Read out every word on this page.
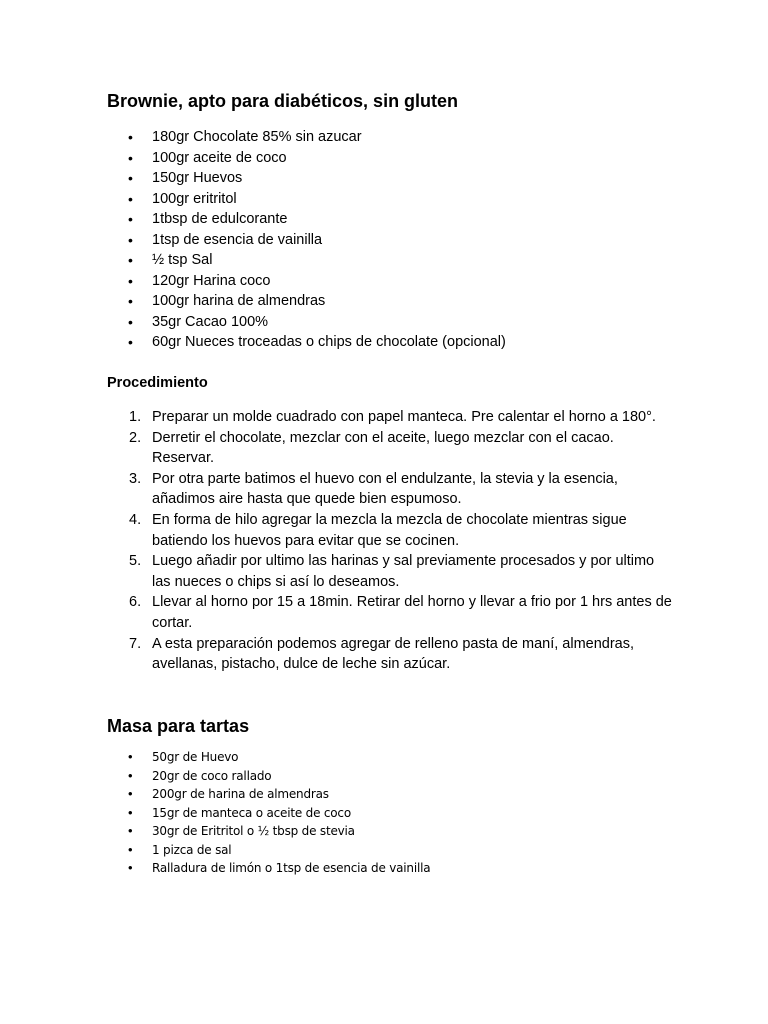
Brownie, apto para diabéticos, sin gluten
• 180gr Chocolate 85% sin azucar
• 100gr aceite de coco
• 150gr Huevos
• 100gr eritritol
• 1tbsp de edulcorante
• 1tsp de esencia de vainilla
• ½ tsp Sal
• 120gr Harina coco
• 100gr harina de almendras
• 35gr Cacao 100%
• 60gr Nueces troceadas o chips de chocolate (opcional)
Procedimiento
1. Preparar un molde cuadrado con papel manteca. Pre calentar el horno a 180°.
2. Derretir el chocolate, mezclar con el aceite, luego mezclar con el cacao. Reservar.
3. Por otra parte batimos el huevo con el endulzante, la stevia y la esencia, añadimos aire hasta que quede bien espumoso.
4. En forma de hilo agregar la mezcla la mezcla de chocolate mientras sigue batiendo los huevos para evitar que se cocinen.
5. Luego añadir por ultimo las harinas y sal previamente procesados y por ultimo las nueces o chips si así lo deseamos.
6. Llevar al horno por 15 a 18min. Retirar del horno y llevar a frio por 1 hrs antes de cortar.
7. A esta preparación podemos agregar de relleno pasta de maní, almendras, avellanas, pistacho, dulce de leche sin azúcar.
Masa para tartas
• 50gr de Huevo
• 20gr de coco rallado
• 200gr de harina de almendras
• 15gr de manteca o aceite de coco
• 30gr de Eritritol o ½ tbsp de stevia
• 1 pizca de sal
• Ralladura de limón o 1tsp de esencia de vainilla
